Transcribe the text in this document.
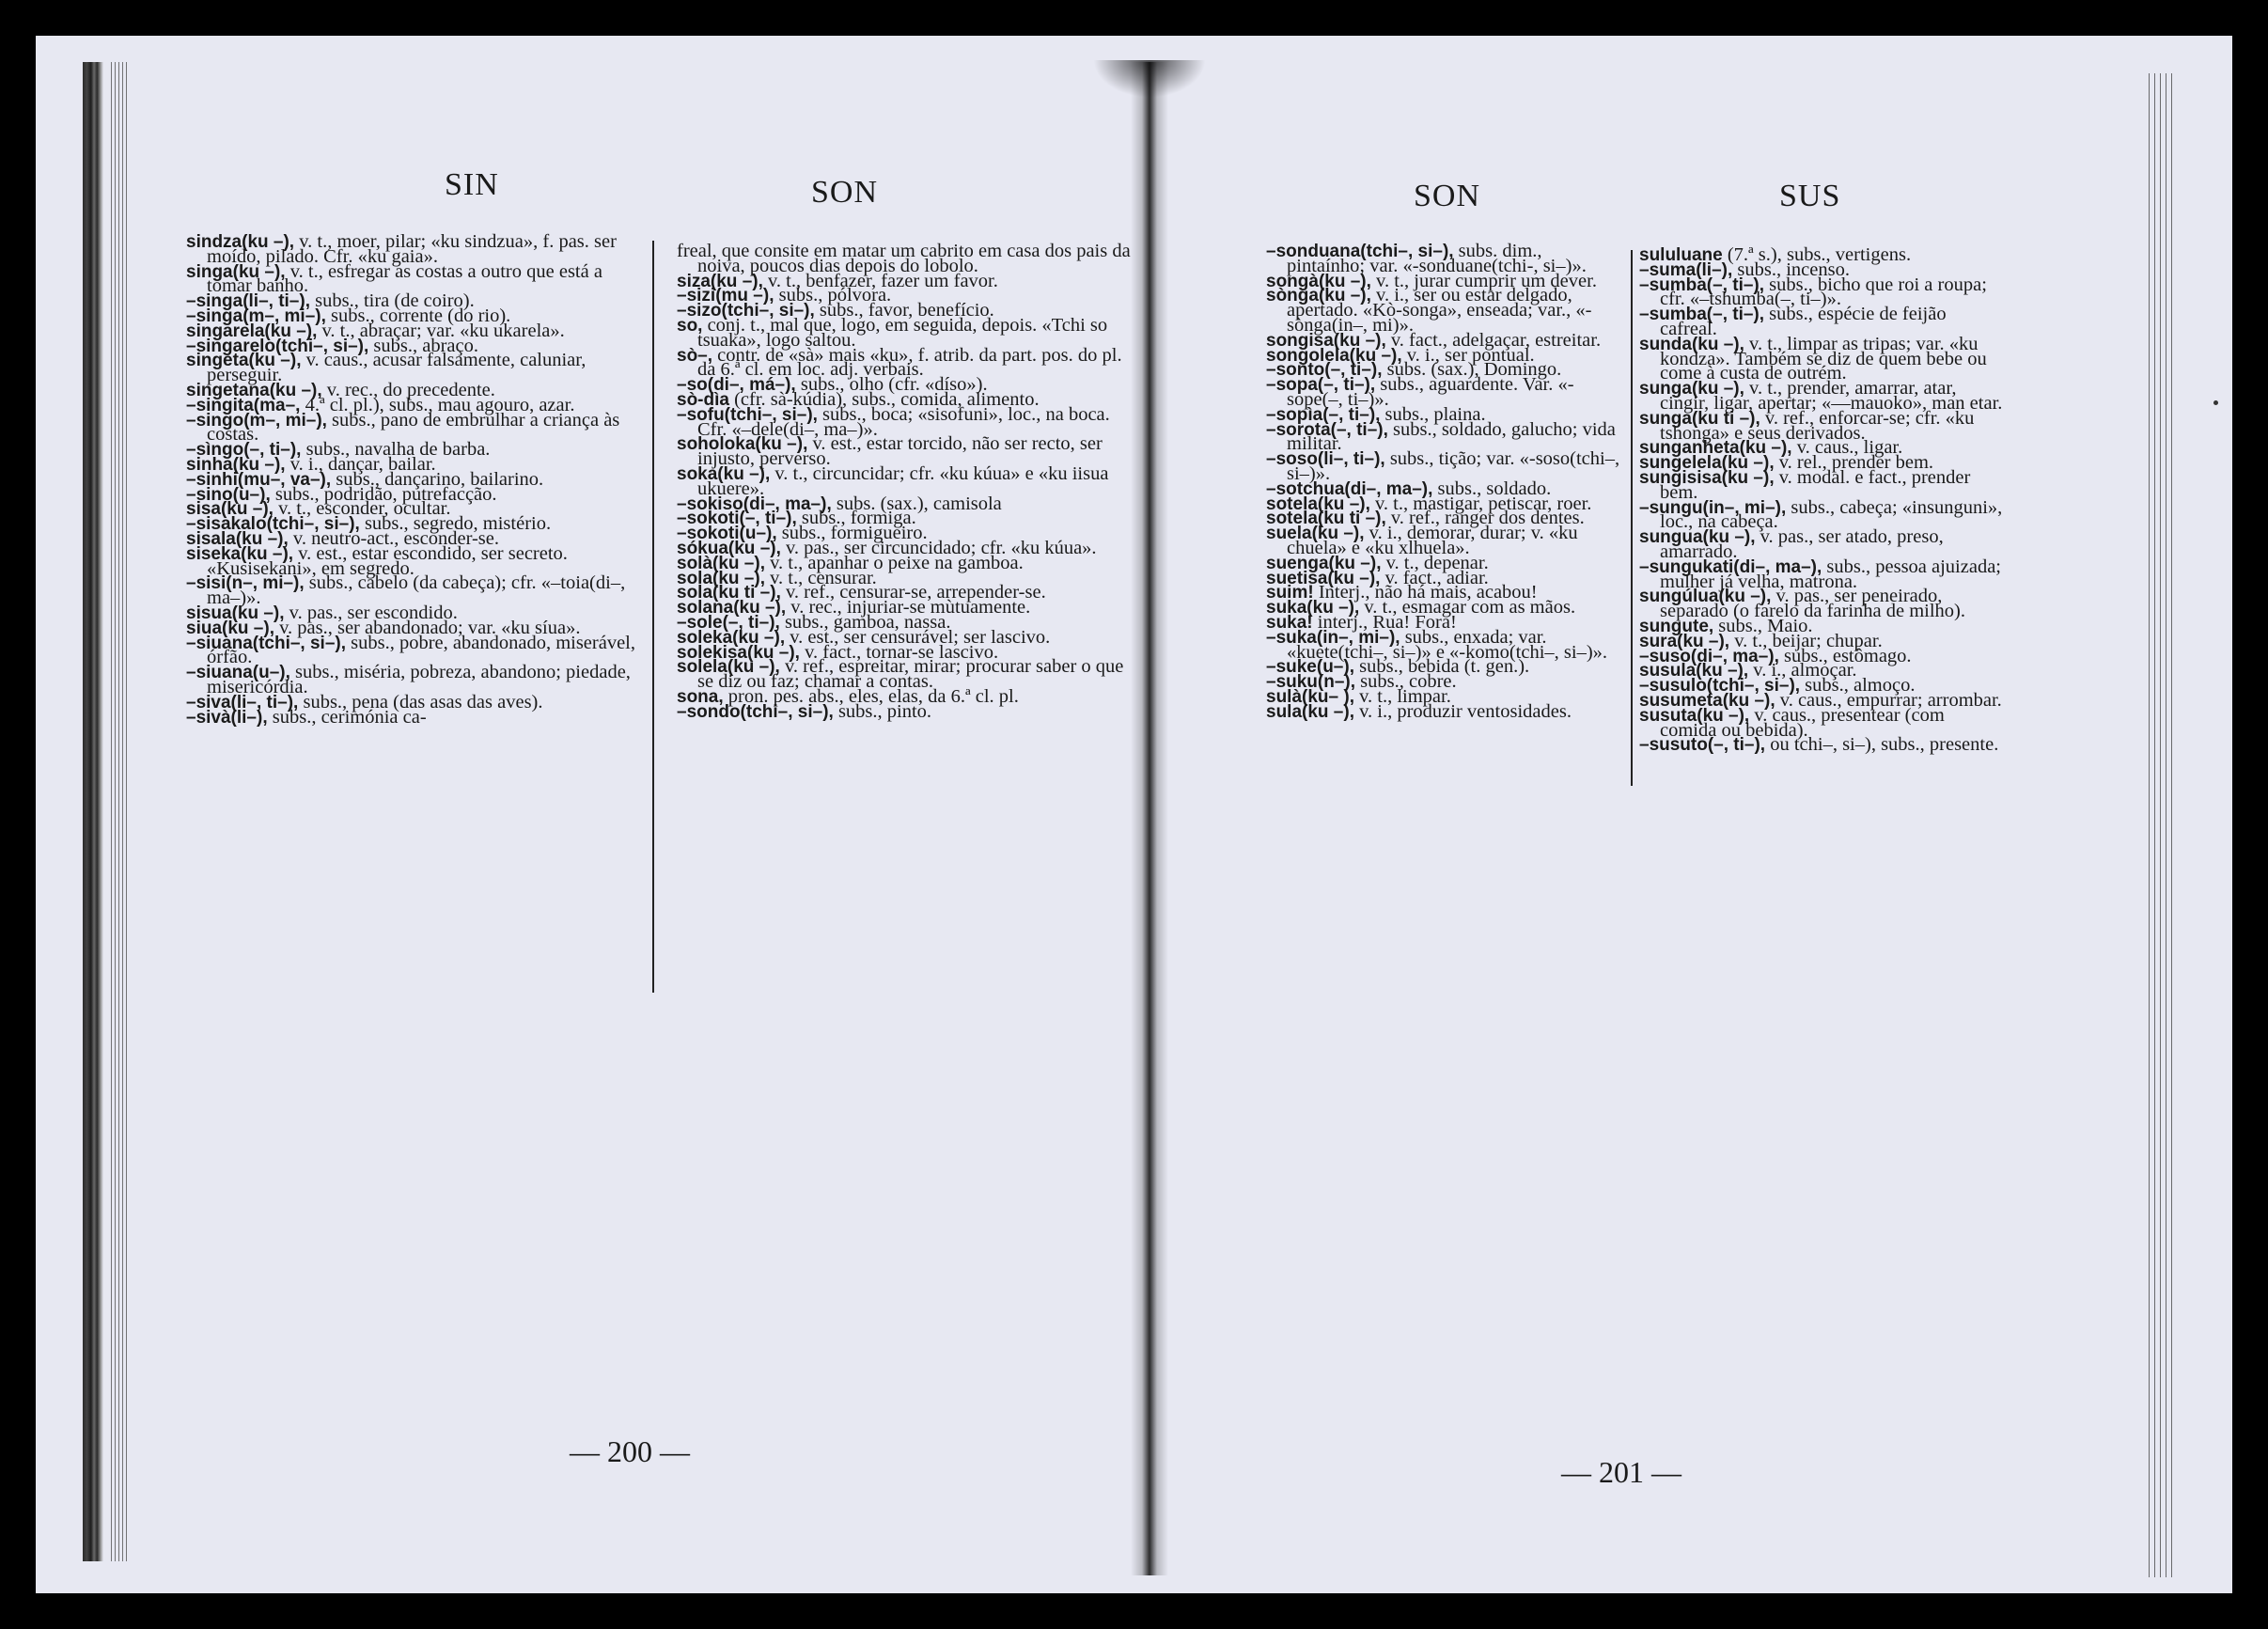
SIN	SON

sindza(ku –), v. t., moer, pilar; «ku sindzua», f. pas. ser moído, pilado. Cfr. «ku gaia».

singa(ku –), v. t., esfregar as costas a outro que está a tomar banho.

–singa(li–, ti–), subs., tira (de coiro).

–singa(m–, mi–), subs., corrente (do rio).

singarela(ku –), v. t., abraçar; var. «ku ukarela».

–singarelo(tchi–, si–), subs., abraço.

singeta(ku –), v. caus., acusar falsamente, caluniar, perseguir.

singetana(ku –), v. rec., do precedente.

–singita(ma–, 4.ª cl. pl.), subs., mau agouro, azar.

–singo(m–, mi–), subs., pano de embrulhar a criança às costas.

–sìngo(–, ti–), subs., navalha de barba.

sinha(ku –), v. i., dançar, bailar.

–sinhi(mu–, va–), subs., dançarino, bailarino.

–sino(u–), subs., podridão, putrefacção.

sisa(ku –), v. t., esconder, ocultar.

–sisakalo(tchi–, si–), subs., segredo, mistério.

sisala(ku –), v. neutro-act., esconder-se.

siseka(ku –), v. est., estar escondido, ser secreto. «Kusisekani», em segredo.

–sisi(n–, mi–), subs., cabelo (da cabeça); cfr. «–toia(di–, ma–)».

sisua(ku –), v. pas., ser escondido.

siua(ku –), v. pas., ser abandonado; var. «ku síua».

–siuana(tchi–, si–), subs., pobre, abandonado, miserável, órfão.

–siuana(u–), subs., miséria, pobreza, abandono; piedade, misericórdia.

–siva(li–, ti–), subs., pena (das asas das aves).

–sivà(li–), subs., cerimónia ca-

freal, que consite em matar um cabrito em casa dos pais da noiva, poucos dias depois do lobolo.

siza(ku –), v. t., benfazer, fazer um favor.

–sizi(mu –), subs., pólvora.

–sizo(tchi–, si–), subs., favor, benefício.

so, conj. t., mal que, logo, em seguida, depois. «Tchi so tsuaka», logo saltou.

sò–, contr. de «sà» mais «ku», f. atrib. da part. pos. do pl. da 6.ª cl. em loc. adj. verbais.

–so(di–, má–), subs., olho (cfr. «díso»).

sò-dìa (cfr. sà-kúdia), subs., comida, alimento.

–sofu(tchi–, si–), subs., boca; «sisofuni», loc., na boca. Cfr. «–dele(di–, ma–)».

soholoka(ku –), v. est., estar torcido, não ser recto, ser injusto, perverso.

soka(ku –), v. t., circuncidar; cfr. «ku kúua» e «ku iisua ukuere».

–sokiso(di–, ma–), subs. (sax.), camisola

–sokoti(–, ti–), subs., formiga.

–sokoti(u–), subs., formigueiro.

sókua(ku –), v. pas., ser circuncidado; cfr. «ku kúua».

solà(ku –), v. t., apanhar o peixe na gamboa.

sola(ku –), v. t., censurar.

sola(ku ti –), v. ref., censurar-se, arrepender-se.

solana(ku –), v. rec., injuriar-se mùtuamente.

–sole(–, ti–), subs., gamboa, nassa.

soleka(ku –), v. est., ser censurável; ser lascivo.

solekisa(ku –), v. fact., tornar-se lascivo.

solela(ku –), v. ref., espreitar, mirar; procurar saber o que se diz ou faz; chamar a contas.

sona, pron. pes. abs., eles, elas, da 6.ª cl. pl.

–sondo(tchi–, si–), subs., pinto.

— 200 —
SON	SUS

–sonduana(tchi–, si–), subs. dim., pintaínho; var. «-sonduane(tchi-, si–)».

songà(ku –), v. t., jurar cumprir um dever.

sònga(ku –), v. i., ser ou estar delgado, apertado. «Kò-songa», enseada; var., «-sònga(in–, mi)».

songisa(ku –), v. fact., adelgaçar, estreitar.

songolela(ku –), v. i., ser pontual.

–sonto(–, ti–), subs. (sax.), Domingo.

–sopa(–, ti–), subs., aguardente. Var. «-sope(–, ti–)».

–sopìa(–, ti–), subs., plaina.

–sorota(–, ti–), subs., soldado, galucho; vida militar.

–soso(li–, ti–), subs., tição; var. «-soso(tchi–, si–)».

–sotchua(di–, ma–), subs., soldado.

sotela(ku –), v. t., mastigar, petiscar, roer.

sotela(ku ti –), v. ref., ranger dos dentes.

suela(ku –), v. i., demorar, durar; v. «ku chuela» e «ku xlhuela».

suenga(ku –), v. t., depenar.

suetisa(ku –), v. fact., adiar.

suim! Interj., não há mais, acabou!

suka(ku –), v. t., esmagar com as mãos.

suka! interj., Rua! Fora!

–suka(in–, mi–), subs., enxada; var. «kuete(tchi–, si–)» e «-komo(tchi–, si–)».

–suke(u–), subs., bebida (t. gen.).

–suku(n–), subs., cobre.

sulà(ku– ), v. t., limpar.

sula(ku –), v. i., produzir ventosidades.

sululuane (7.ª s.), subs., vertigens.

–suma(li–), subs., incenso.

–sumba(–, ti–), subs., bicho que roi a roupa; cfr. «–tshumba(–, ti–)».

–sumba(–, ti–), subs., espécie de feijão cafreal.

sunda(ku –), v. t., limpar as tripas; var. «ku kondza». Também se diz de quem bebe ou come à custa de outrém.

sunga(ku –), v. t., prender, amarrar, atar, cingir, ligar, apertar; «—mauoko», man etar.

sunga(ku ti –), v. ref., enforcar-se; cfr. «ku tshonga» e seus derivados.

sunganheta(ku –), v. caus., ligar.

sungelela(ku –), v. rel., prender bem.

sungisisa(ku –), v. modal. e fact., prender bem.

–sungu(in–, mi–), subs., cabeça; «insunguni», loc., na cabeça.

sungua(ku –), v. pas., ser atado, preso, amarrado.

–sungukati(di–, ma–), subs., pessoa ajuizada; mulher já velha, matrona.

sungúlua(ku –), v. pas., ser peneirado, separado (o farelo da farinha de milho).

sungute, subs., Maio.

sura(ku –), v. t., beijar; chupar.

–suso(di–, ma–), subs., estômago.

susula(ku –), v. i., almoçar.

–susulo(tchi–, si–), subs., almoço.

susumeta(ku –), v. caus., empurrar; arrombar.

susuta(ku –), v. caus., presentear (com comida ou bebida).

–susuto(–, ti–), ou tchi–, si–), subs., presente.

— 201 —
